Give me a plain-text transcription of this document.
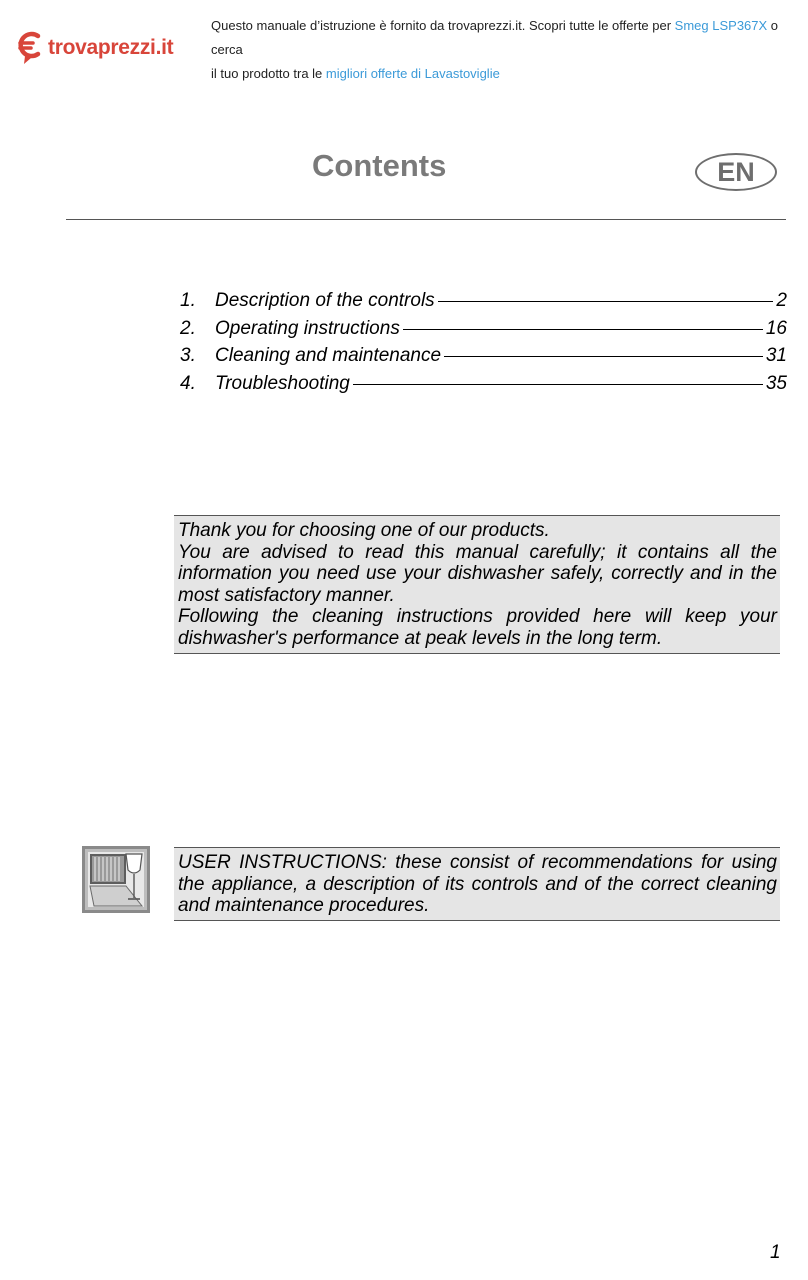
trovaprezzi.it
Questo manuale d’istruzione è fornito da trovaprezzi.it. Scopri tutte le offerte per Smeg LSP367X o cerca
il tuo prodotto tra le migliori offerte di Lavastoviglie
Contents	EN
1.	Description of the controls	2
2.	Operating instructions	16
3.	Cleaning and maintenance	31
4.	Troubleshooting	35

Thank you for choosing one of our products.

You are advised to read this manual carefully; it contains all the information you need use your dishwasher safely, correctly and in the most satisfactory manner.

Following the cleaning instructions provided here will keep your dishwasher's performance at peak levels in the long term.

USER INSTRUCTIONS: these consist of recommendations for using the appliance, a description of its controls and of the correct cleaning and maintenance procedures.

1
